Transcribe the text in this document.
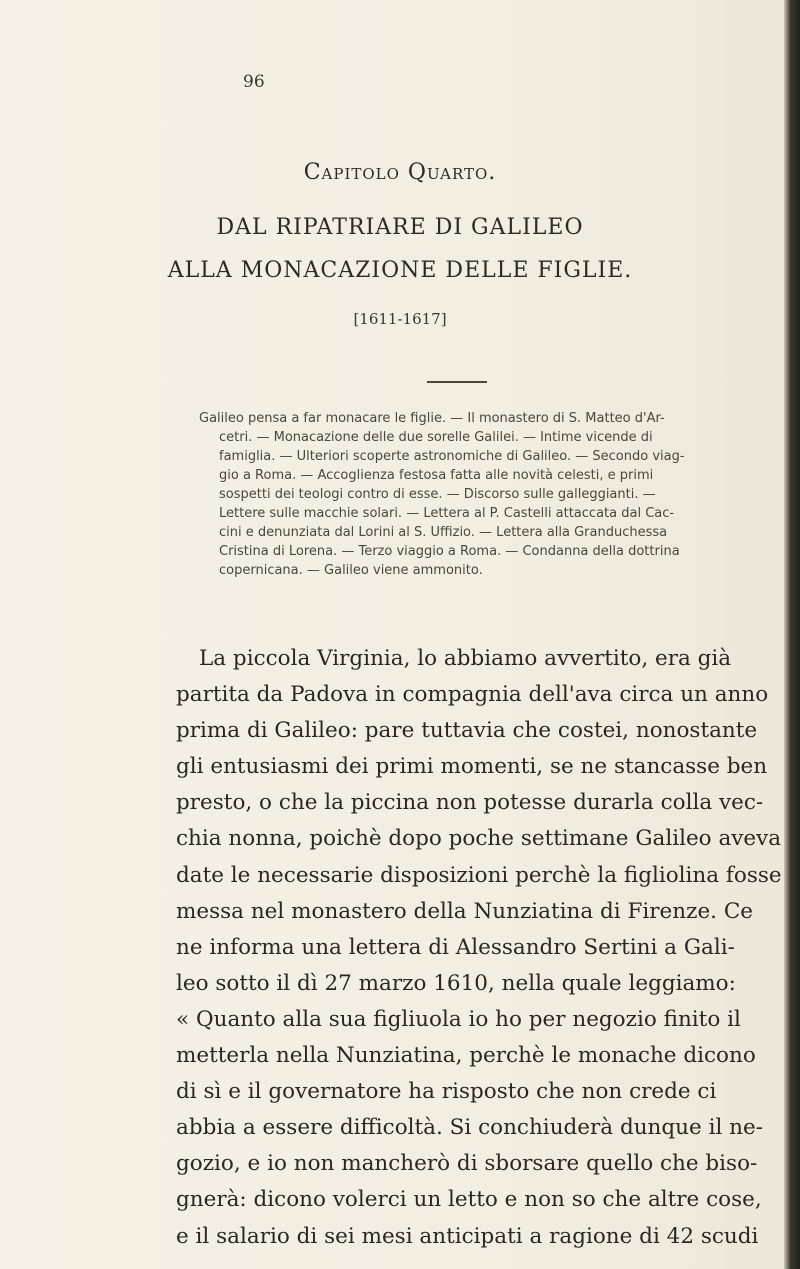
96
Capitolo Quarto.
DAL RIPATRIARE DI GALILEO
ALLA MONACAZIONE DELLE FIGLIE.
[1611-1617]
Galileo pensa a far monacare le figlie. — Il monastero di S. Matteo d'Ar-
cetri. — Monacazione delle due sorelle Galilei. — Intime vicende di
famiglia. — Ulteriori scoperte astronomiche di Galileo. — Secondo viag-
gio a Roma. — Accoglienza festosa fatta alle novità celesti, e primi
sospetti dei teologi contro di esse. — Discorso sulle galleggianti. —
Lettere sulle macchie solari. — Lettera al P. Castelli attaccata dal Cac-
cini e denunziata dal Lorini al S. Uffizio. — Lettera alla Granduchessa
Cristina di Lorena. — Terzo viaggio a Roma. — Condanna della dottrina
copernicana. — Galileo viene ammonito.
La piccola Virginia, lo abbiamo avvertito, era già
partita da Padova in compagnia dell'ava circa un anno
prima di Galileo: pare tuttavia che costei, nonostante
gli entusiasmi dei primi momenti, se ne stancasse ben
presto, o che la piccina non potesse durarla colla vec-
chia nonna, poichè dopo poche settimane Galileo aveva
date le necessarie disposizioni perchè la figliolina fosse
messa nel monastero della Nunziatina di Firenze. Ce
ne informa una lettera di Alessandro Sertini a Gali-
leo sotto il dì 27 marzo 1610, nella quale leggiamo:
« Quanto alla sua figliuola io ho per negozio finito il
metterla nella Nunziatina, perchè le monache dicono
di sì e il governatore ha risposto che non crede ci
abbia a essere difficoltà. Si conchiuderà dunque il ne-
gozio, e io non mancherò di sborsare quello che biso-
gnerà: dicono volerci un letto e non so che altre cose,
e il salario di sei mesi anticipati a ragione di 42 scudi
